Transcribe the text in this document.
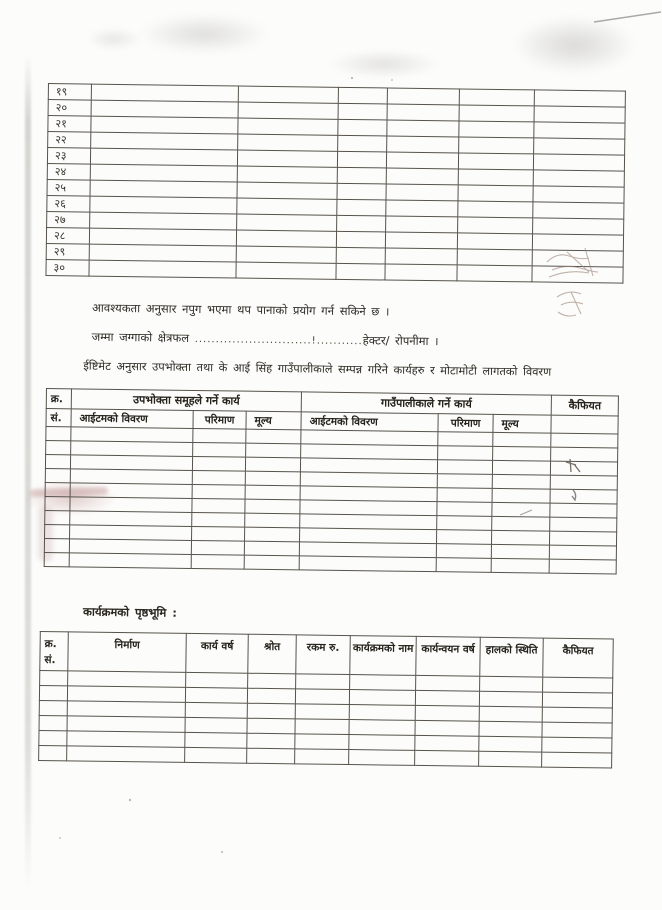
१९						
२०						
२१						
२२						
२३						
२४						
२५						
२६						
२७						
२८						
२९						
३०						

आवश्यकता अनुसार नपुग भएमा थप पानाको प्रयोग गर्न सकिने छ ।

जम्मा जग्गाको क्षेत्रफल ............................!...........हेक्टर/ रोपनीमा ।

ईष्टिमेट अनुसार उपभोक्ता तथा के आई सिंह गाउँपालीकाले सम्पन्न गरिने कार्यहरु र मोटामोटी लागतको विवरण

क्र.	उपभोक्ता समूहले गर्ने कार्य			गाउँपालीकाले गर्ने कार्य			कैफियत
सं.	आईटमको विवरण	परिमाण	मूल्य	आईटमको विवरण	परिमाण	मूल्य	

कार्यक्रमको पृष्ठभूमि :

क्र.
सं.	निर्माण	कार्य वर्ष	श्रोत	रकम रु.	कार्यक्रमको नाम	कार्यन्वयन वर्ष	हालको स्थिति	कैफियत
